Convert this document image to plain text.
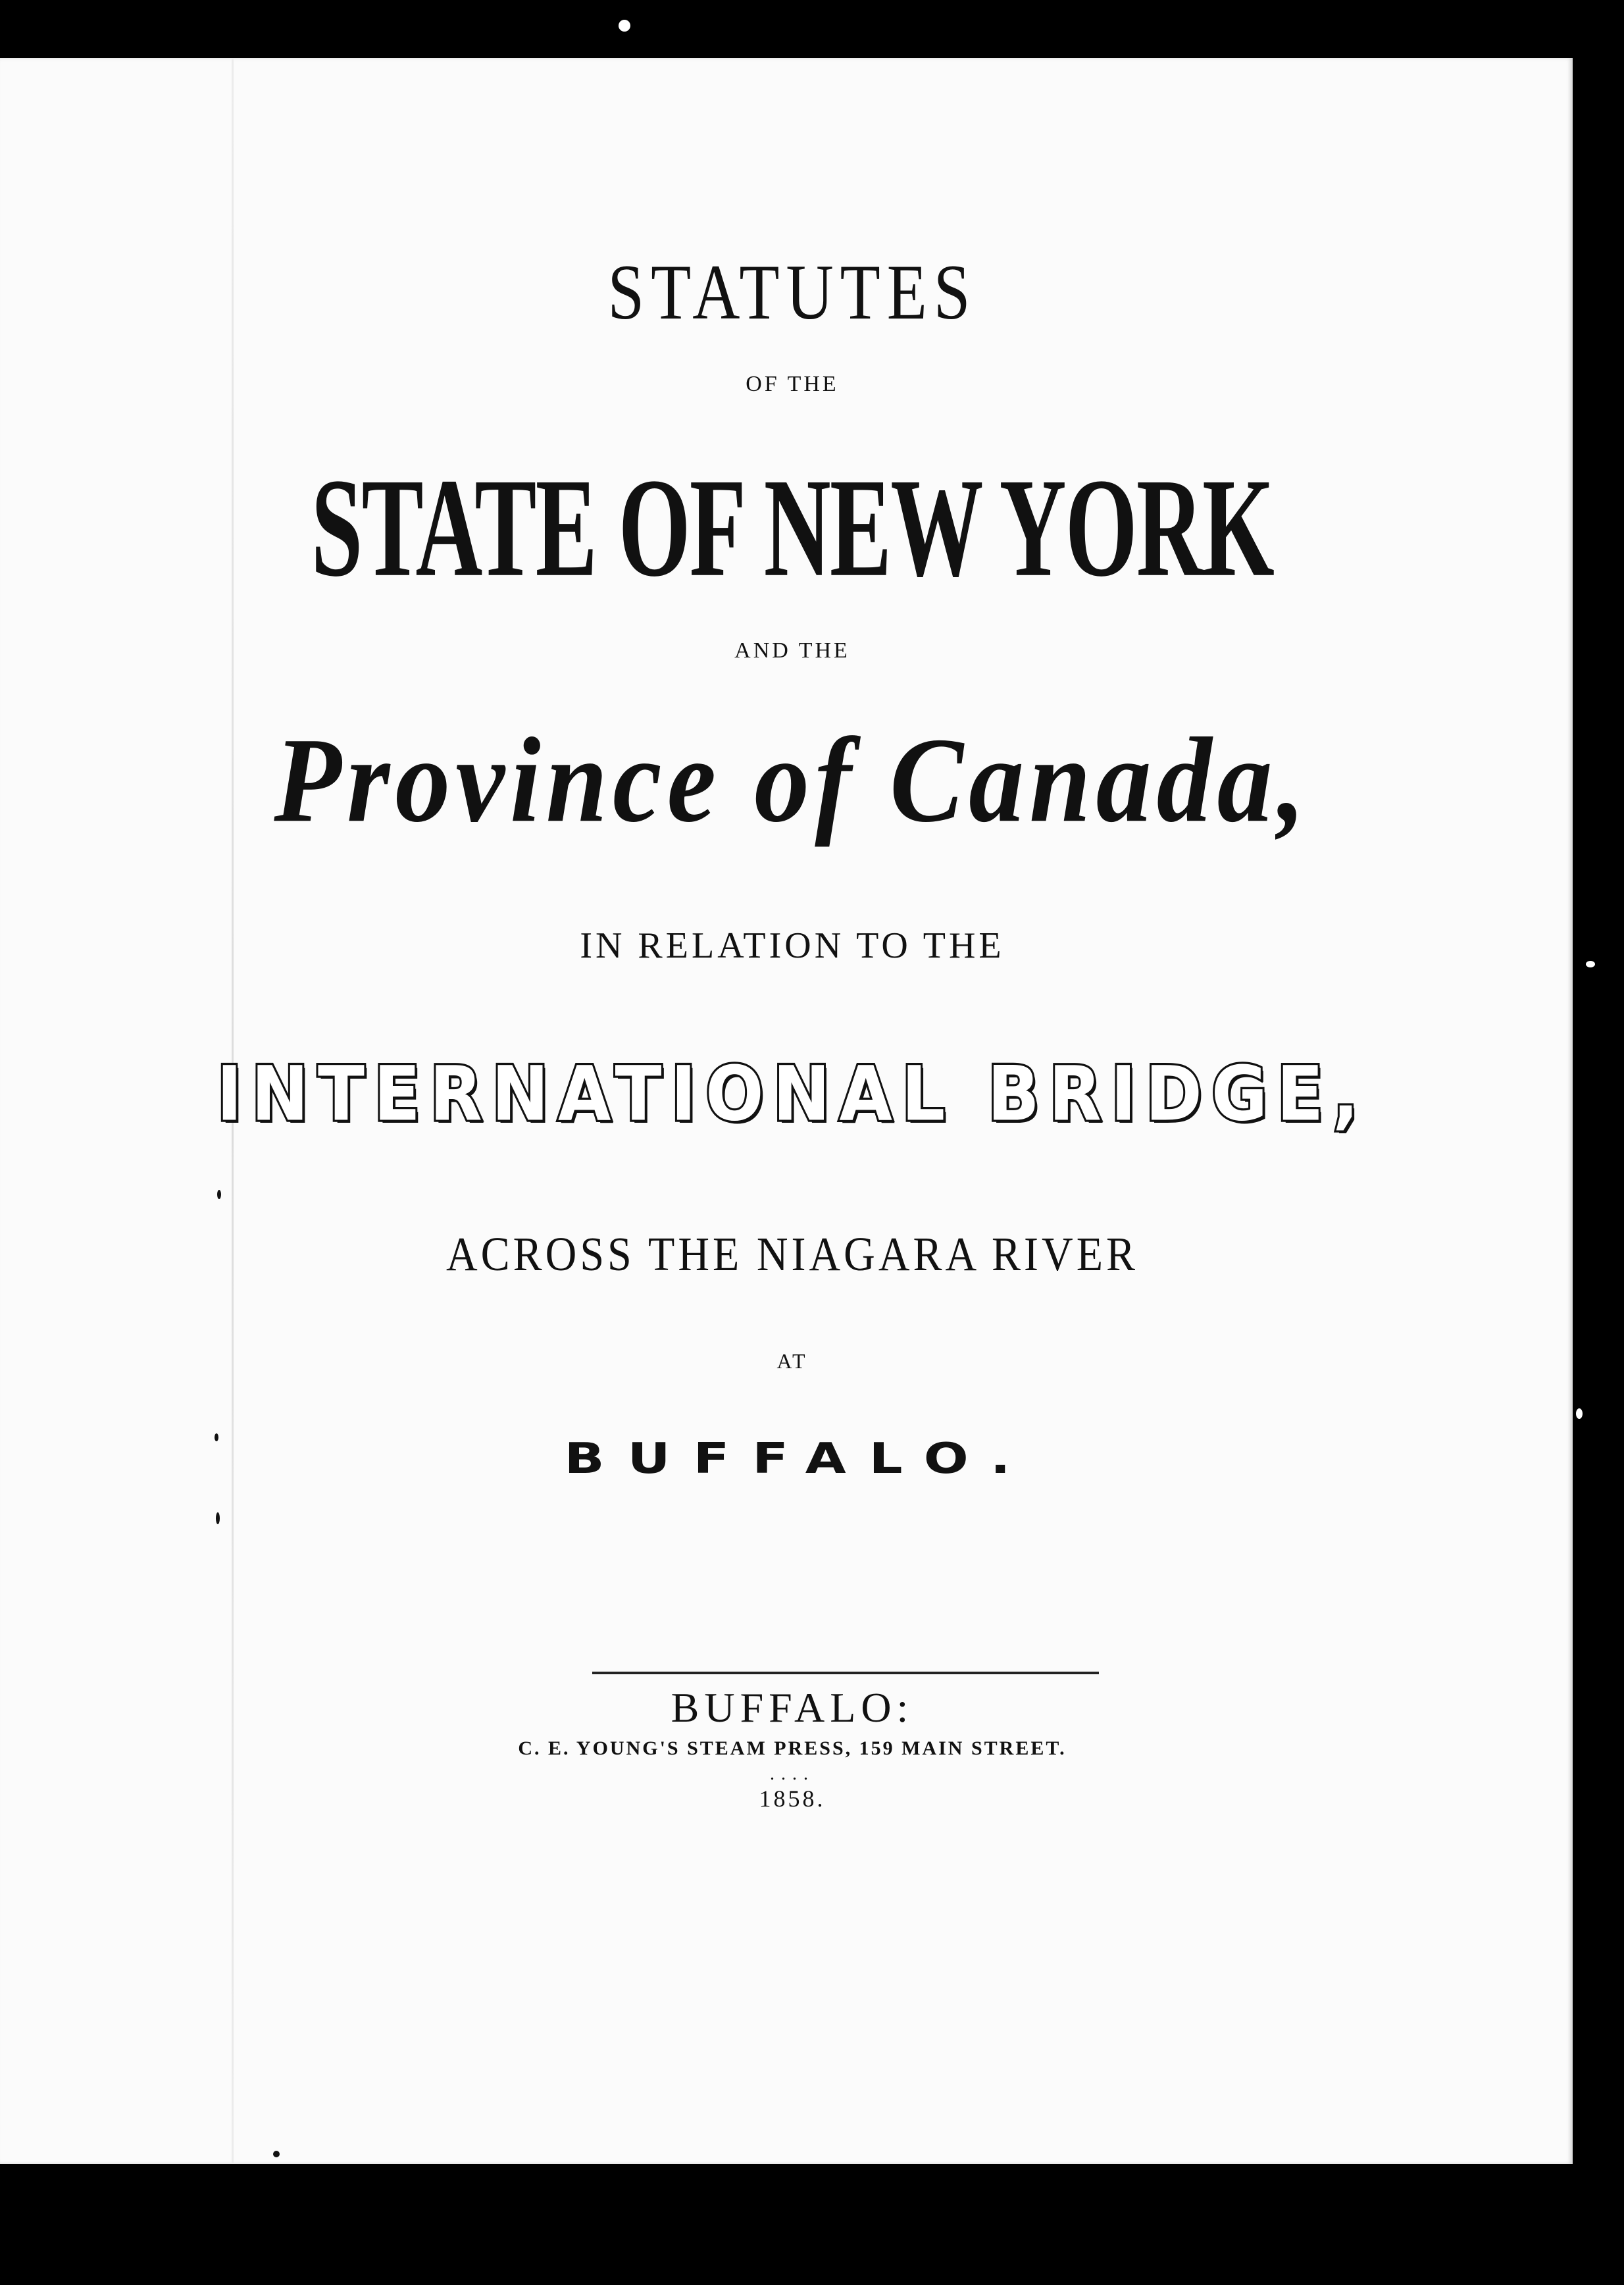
STATUTES
OF THE
STATE OF NEW YORK
AND THE
Province of Canada,
IN RELATION TO THE
INTERNATIONAL BRIDGE,
ACROSS THE NIAGARA RIVER
AT
BUFFALO.
BUFFALO:
C. E. YOUNG'S STEAM PRESS, 159 MAIN STREET.
....
1858.
